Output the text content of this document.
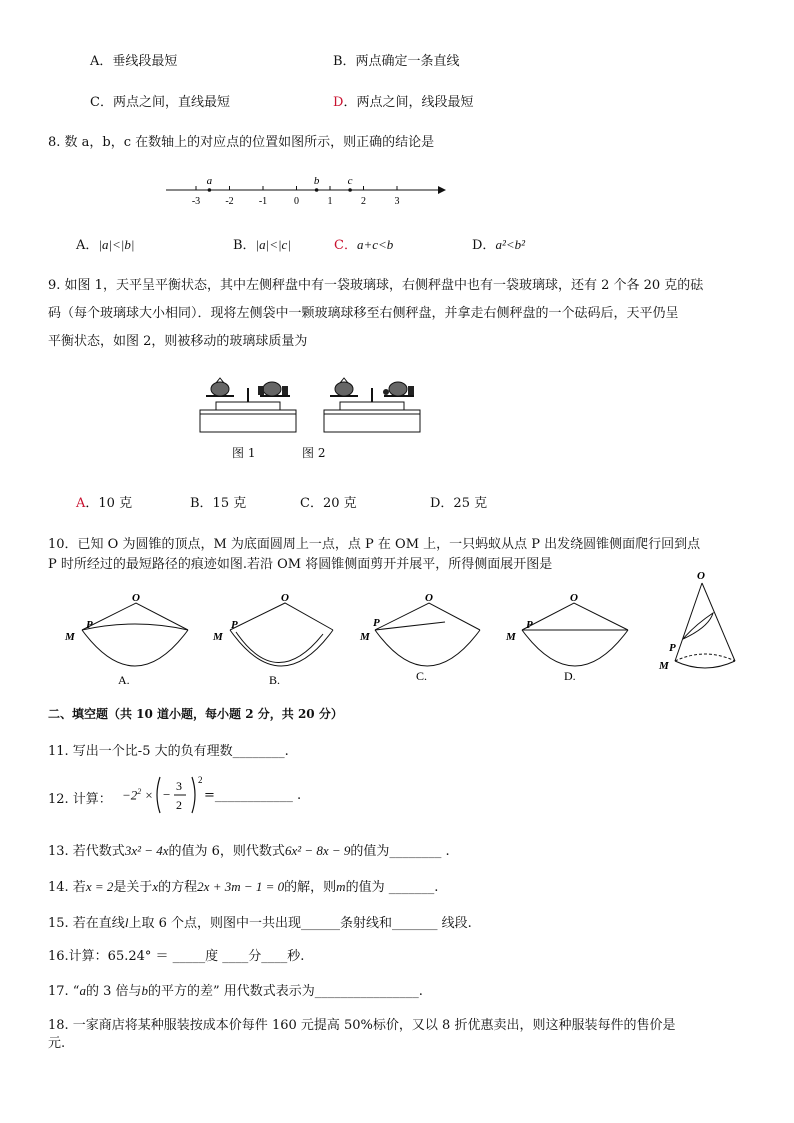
A．垂线段最短	B．两点确定一条直线
C．两点之间，直线最短	D．两点之间，线段最短
8. 数 a，b，c 在数轴上的对应点的位置如图所示，则正确的结论是
-3	-2	-1	0	1	2	3
a	b	c
A．|a|<|b|	B．|a|<|c|	C．a+c<b	D．a²<b²
9. 如图 1，天平呈平衡状态，其中左侧秤盘中有一袋玻璃球，右侧秤盘中也有一袋玻璃球，还有 2 个各 20 克的砝
码（每个玻璃球大小相同）．现将左侧袋中一颗玻璃球移至右侧秤盘，并拿走右侧秤盘的一个砝码后，天平仍呈
平衡状态，如图 2，则被移动的玻璃球质量为
图 1	图 2
A．10 克	B．15 克	C．20 克	D．25 克
10．已知 O 为圆锥的顶点，M 为底面圆周上一点，点 P 在 OM 上，一只蚂蚁从点 P 出发绕圆锥侧面爬行回到点
P 时所经过的最短路径的痕迹如图.若沿 OM 将圆锥侧面剪开并展平，所得侧面展开图是
O
P
M
A.
O
P
M
B.
O
P
M
C.
O
P
M
D.
O
P
M
二、填空题（共 10 道小题，每小题 2 分，共 20 分）
11. 写出一个比-5 大的负有理数________.
12. 计算： $-2^2$ × −
3
2
2
=____________ .
13. 若代数式3x² − 4x的值为 6，则代数式6x² − 8x − 9的值为________ .
14. 若x = 2是关于x的方程2x + 3m − 1 = 0的解，则m的值为 _______.
15. 若在直线l上取 6 个点，则图中一共出现______条射线和_______ 线段.
16.计算：65.24° ＝ _____度 ____分____秒.
17. “a的 3 倍与b的平方的差” 用代数式表示为________________.
18. 一家商店将某种服装按成本价每件 160 元提高 50%标价，又以 8 折优惠卖出，则这种服装每件的售价是
元.
